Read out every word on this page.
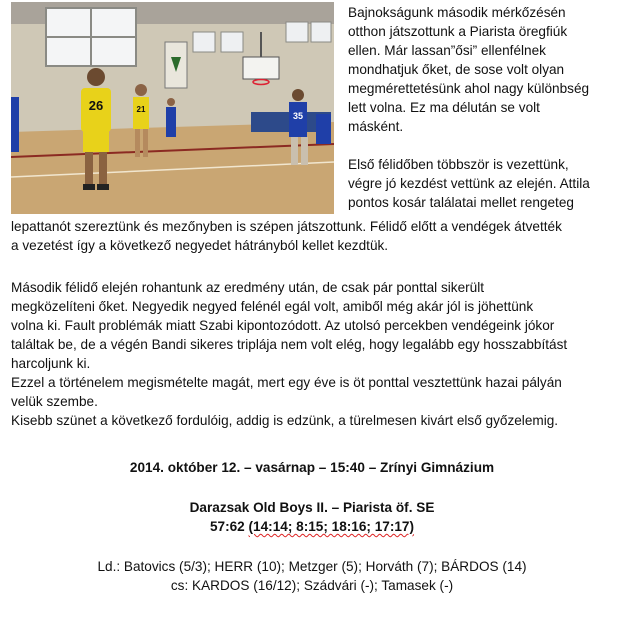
26	21
35

Bajnokságunk második mérkőzésén

otthon játszottunk a Piarista öregfiúk

ellen. Már lassan”ősi” ellenfélnek

mondhatjuk őket, de sose volt olyan

megmérettetésünk ahol nagy különbség

lett volna. Ez ma délután se volt

másként.

Első félidőben többször is vezettünk,

végre jó kezdést vettünk az elején. Attila

pontos kosár találatai mellet rengeteg

lepattanót szereztünk és mezőnyben is szépen játszottunk. Félidő előtt a vendégek átvették

a vezetést így a következő negyedet hátrányból kellet kezdtük.

Második félidő elején rohantunk az eredmény után, de csak pár ponttal sikerült

megközelíteni őket. Negyedik negyed felénél egál volt, amiből még akár jól is jöhettünk

volna ki. Fault problémák miatt Szabi kipontozódott. Az utolsó percekben vendégeink jókor

találtak be, de a végén Bandi sikeres triplája nem volt elég, hogy legalább egy hosszabbítást

harcoljunk ki.

Ezzel a történelem megismételte magát, mert egy éve is öt ponttal vesztettünk hazai pályán

velük szembe.

Kisebb szünet a következő fordulóig, addig is edzünk, a türelmesen kivárt első győzelemig.

2014. október 12. – vasárnap – 15:40 – Zrínyi Gimnázium

Darazsak Old Boys II. – Piarista öf. SE

57:62 (14:14; 8:15; 18:16; 17:17)

Ld.: Batovics (5/3); HERR (10); Metzger (5); Horváth (7); BÁRDOS (14)

cs: KARDOS (16/12); Szádvári (-); Tamasek (-)
